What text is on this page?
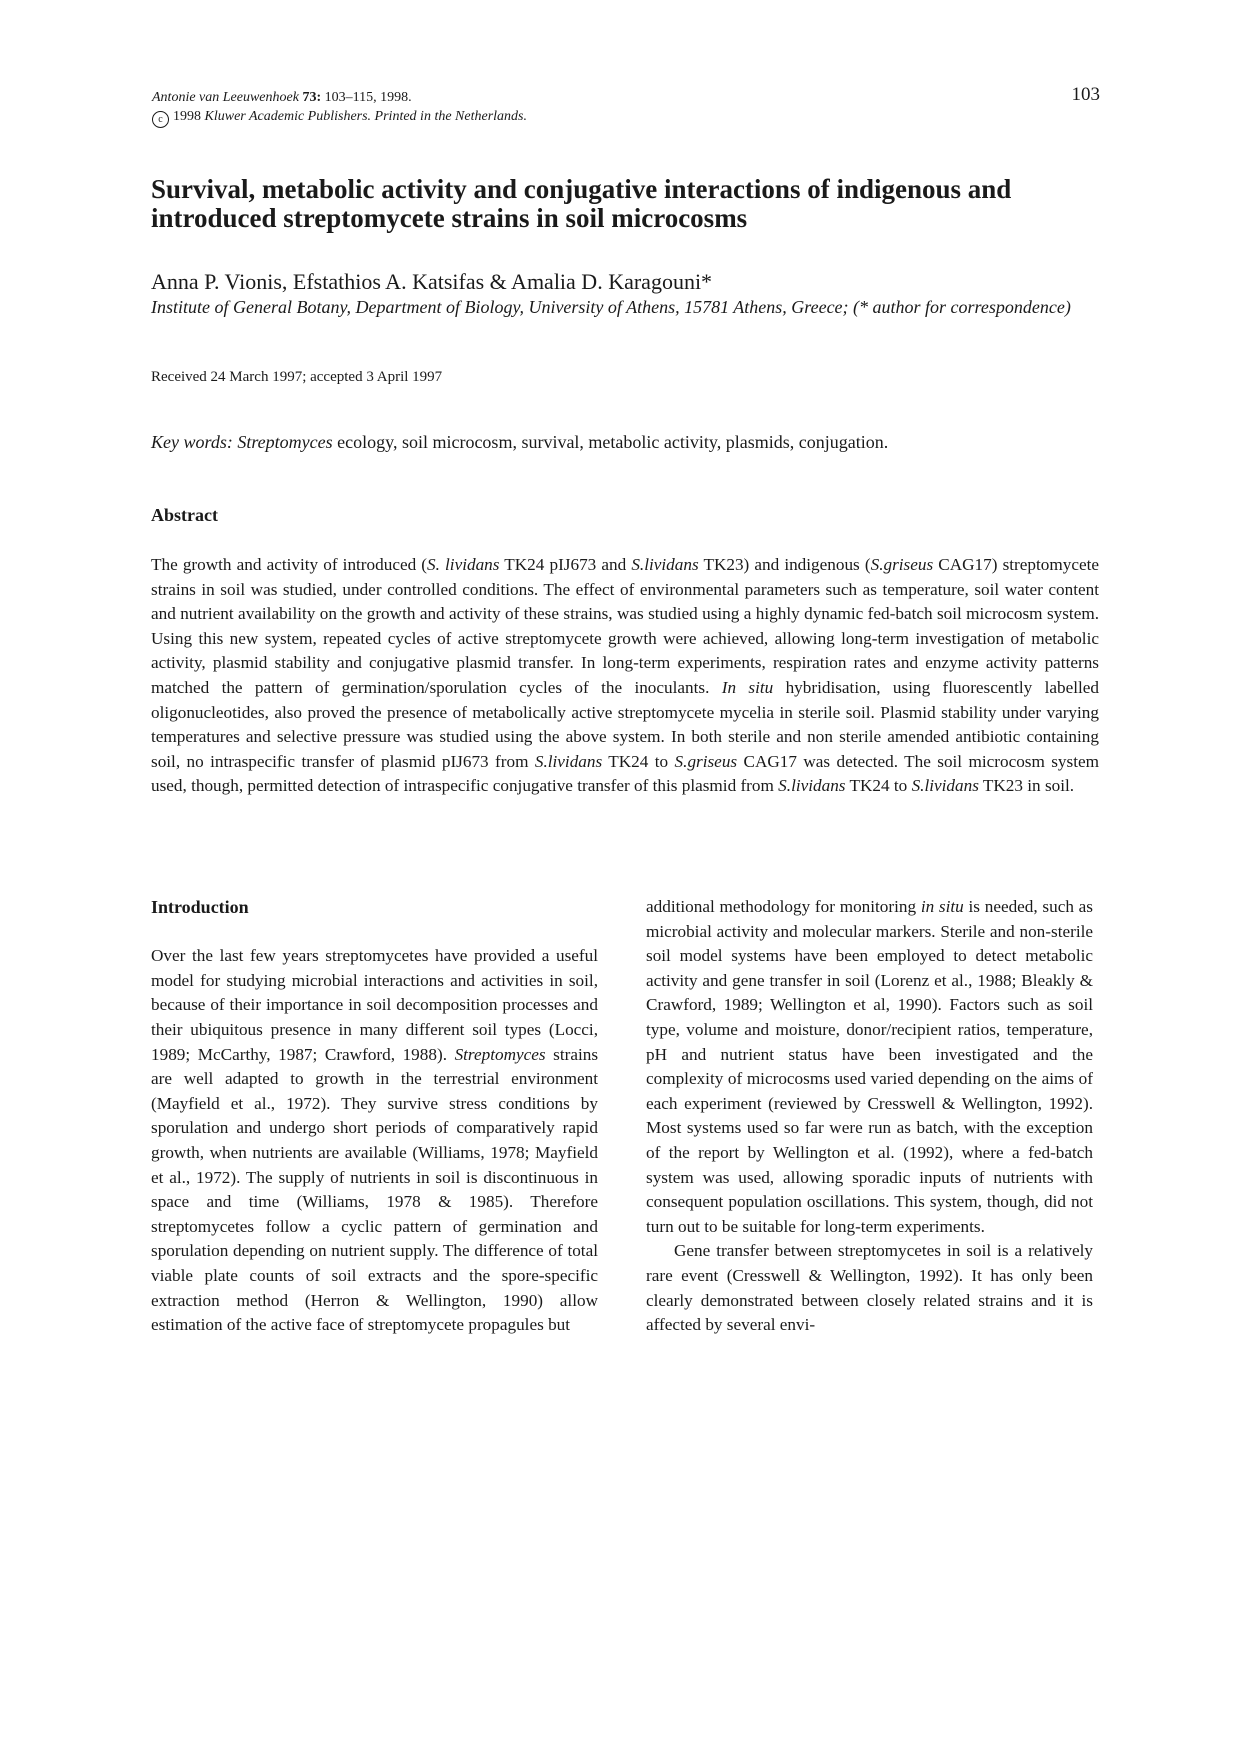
Antonie van Leeuwenhoek 73: 103–115, 1998.
c 1998 Kluwer Academic Publishers. Printed in the Netherlands.
103
Survival, metabolic activity and conjugative interactions of indigenous and introduced streptomycete strains in soil microcosms
Anna P. Vionis, Efstathios A. Katsifas & Amalia D. Karagouni*
Institute of General Botany, Department of Biology, University of Athens, 15781 Athens, Greece; (* author for correspondence)
Received 24 March 1997; accepted 3 April 1997
Key words: Streptomyces ecology, soil microcosm, survival, metabolic activity, plasmids, conjugation.
Abstract

The growth and activity of introduced (S. lividans TK24 pIJ673 and S.lividans TK23) and indigenous (S.griseus CAG17) streptomycete strains in soil was studied, under controlled conditions. The effect of environmental parameters such as temperature, soil water content and nutrient availability on the growth and activity of these strains, was studied using a highly dynamic fed-batch soil microcosm system. Using this new system, repeated cycles of active streptomycete growth were achieved, allowing long-term investigation of metabolic activity, plasmid stability and conjugative plasmid transfer. In long-term experiments, respiration rates and enzyme activity patterns matched the pattern of germination/sporulation cycles of the inoculants. In situ hybridisation, using fluorescently labelled oligonucleotides, also proved the presence of metabolically active streptomycete mycelia in sterile soil. Plasmid stability under varying temperatures and selective pressure was studied using the above system. In both sterile and non sterile amended antibiotic containing soil, no intraspecific transfer of plasmid pIJ673 from S.lividans TK24 to S.griseus CAG17 was detected. The soil microcosm system used, though, permitted detection of intraspecific conjugative transfer of this plasmid from S.lividans TK24 to S.lividans TK23 in soil.

Introduction

Over the last few years streptomycetes have provided a useful model for studying microbial interactions and activities in soil, because of their importance in soil decomposition processes and their ubiquitous presence in many different soil types (Locci, 1989; McCarthy, 1987; Crawford, 1988). Streptomyces strains are well adapted to growth in the terrestrial environment (Mayfield et al., 1972). They survive stress conditions by sporulation and undergo short periods of comparatively rapid growth, when nutrients are available (Williams, 1978; Mayfield et al., 1972). The supply of nutrients in soil is discontinuous in space and time (Williams, 1978 & 1985). Therefore streptomycetes follow a cyclic pattern of germination and sporulation depending on nutrient supply. The difference of total viable plate counts of soil extracts and the spore-specific extraction method (Herron & Wellington, 1990) allow estimation of the active face of streptomycete propagules but

additional methodology for monitoring in situ is needed, such as microbial activity and molecular markers. Sterile and non-sterile soil model systems have been employed to detect metabolic activity and gene transfer in soil (Lorenz et al., 1988; Bleakly & Crawford, 1989; Wellington et al, 1990). Factors such as soil type, volume and moisture, donor/recipient ratios, temperature, pH and nutrient status have been investigated and the complexity of microcosms used varied depending on the aims of each experiment (reviewed by Cresswell & Wellington, 1992). Most systems used so far were run as batch, with the exception of the report by Wellington et al. (1992), where a fed-batch system was used, allowing sporadic inputs of nutrients with consequent population oscillations. This system, though, did not turn out to be suitable for long-term experiments.

Gene transfer between streptomycetes in soil is a relatively rare event (Cresswell & Wellington, 1992). It has only been clearly demonstrated between closely related strains and it is affected by several envi-
